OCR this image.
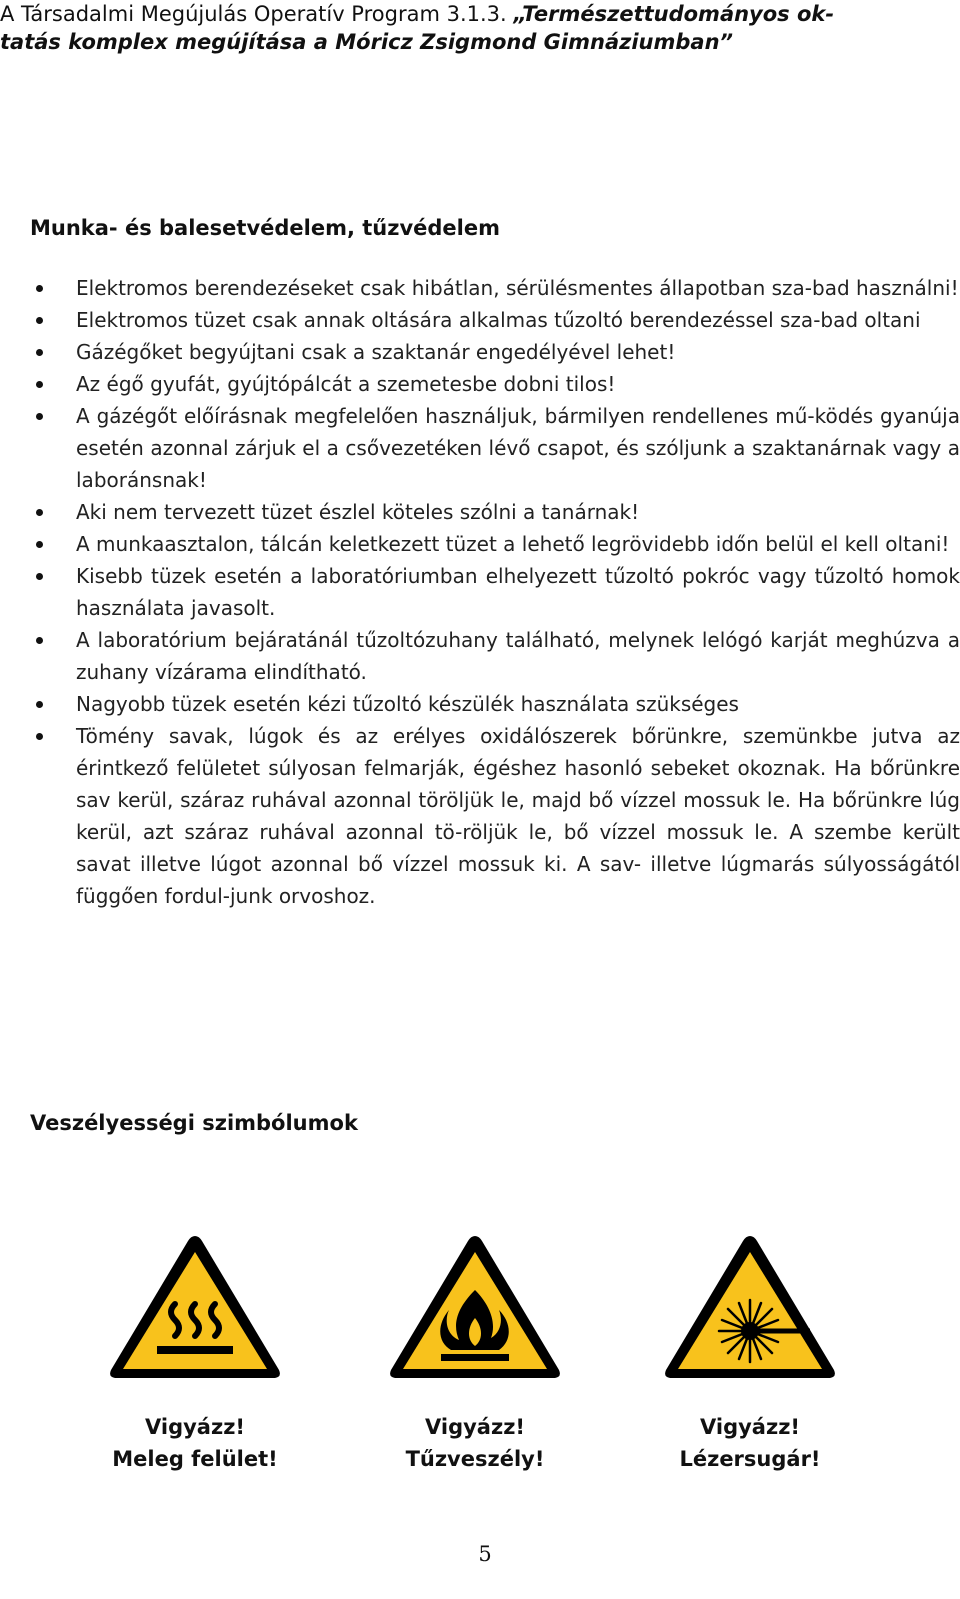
A Társadalmi Megújulás Operatív Program 3.1.3. „Természettudományos ok-
tatás komplex megújítása a Móricz Zsigmond Gimnáziumban”
Munka- és balesetvédelem, tűzvédelem
Elektromos berendezéseket csak hibátlan, sérülésmentes állapotban sza-bad használni!
Elektromos tüzet csak annak oltására alkalmas tűzoltó berendezéssel sza-bad oltani
Gázégőket begyújtani csak a szaktanár engedélyével lehet!
Az égő gyufát, gyújtópálcát a szemetesbe dobni tilos!
A gázégőt előírásnak megfelelően használjuk, bármilyen rendellenes mű-ködés gyanúja esetén azonnal zárjuk el a csővezetéken lévő csapot, és szóljunk a szaktanárnak vagy a laboránsnak!
Aki nem tervezett tüzet észlel köteles szólni a tanárnak!
A munkaasztalon, tálcán keletkezett tüzet a lehető legrövidebb időn belül el kell oltani!
Kisebb tüzek esetén a laboratóriumban elhelyezett tűzoltó pokróc vagy tűzoltó homok használata javasolt.
A laboratórium bejáratánál tűzoltózuhany található, melynek lelógó karját meghúzva a zuhany vízárama elindítható.
Nagyobb tüzek esetén kézi tűzoltó készülék használata szükséges
Tömény savak, lúgok és az erélyes oxidálószerek bőrünkre, szemünkbe jutva az érintkező felületet súlyosan felmarják, égéshez hasonló sebeket okoznak. Ha bőrünkre sav kerül, száraz ruhával azonnal töröljük le, majd bő vízzel mossuk le. Ha bőrünkre lúg kerül, azt száraz ruhával azonnal tö-röljük le, bő vízzel mossuk le. A szembe került savat illetve lúgot azonnal bő vízzel mossuk ki. A sav- illetve lúgmarás súlyosságától függően fordul-junk orvoshoz.
Veszélyességi szimbólumok
Vigyázz!
Meleg felület!
Vigyázz!
Tűzveszély!
Vigyázz!
Lézersugár!
5
